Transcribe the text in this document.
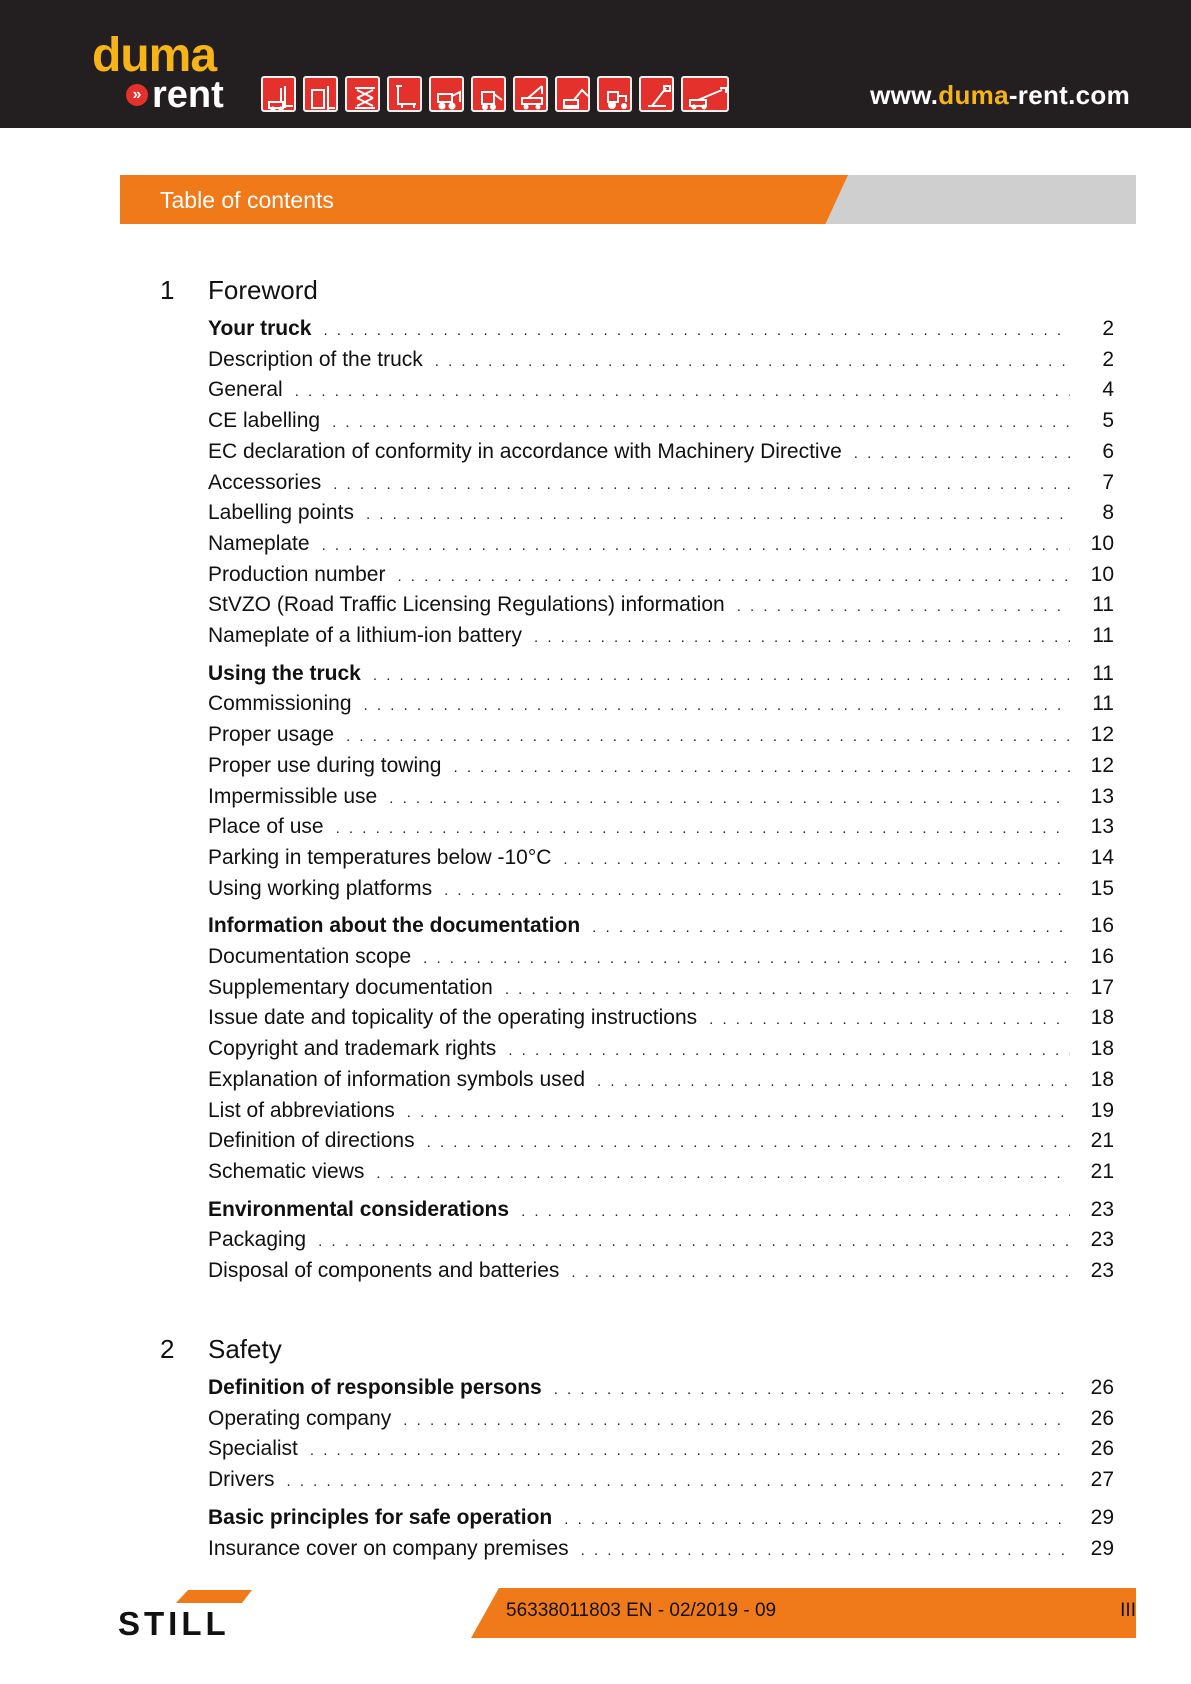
duma
» rent	www.duma-rent.com
Table of contents
1 Foreword
Your truck . . .	2
Description of the truck . . .	2
General . . .	4
CE labelling . . .	5
EC declaration of conformity in accordance with Machinery Directive . . .	6
Accessories . . .	7
Labelling points . . .	8
Nameplate . . .	10
Production number . . .	10
StVZO (Road Traffic Licensing Regulations) information . . .	11
Nameplate of a lithium-ion battery . . .	11
Using the truck . . .	11
Commissioning . . .	11
Proper usage . . .	12
Proper use during towing . . .	12
Impermissible use . . .	13
Place of use . . .	13
Parking in temperatures below -10°C . . .	14
Using working platforms . . .	15
Information about the documentation . . .	16
Documentation scope . . .	16
Supplementary documentation . . .	17
Issue date and topicality of the operating instructions . . .	18
Copyright and trademark rights . . .	18
Explanation of information symbols used . . .	18
List of abbreviations . . .	19
Definition of directions . . .	21
Schematic views . . .	21
Environmental considerations . . .	23
Packaging . . .	23
Disposal of components and batteries . . .	23
2 Safety
Definition of responsible persons . . .	26
Operating company . . .	26
Specialist . . .	26
Drivers . . .	27
Basic principles for safe operation . . .	29
Insurance cover on company premises . . .	29
STILL	56338011803 EN - 02/2019 - 09	III
